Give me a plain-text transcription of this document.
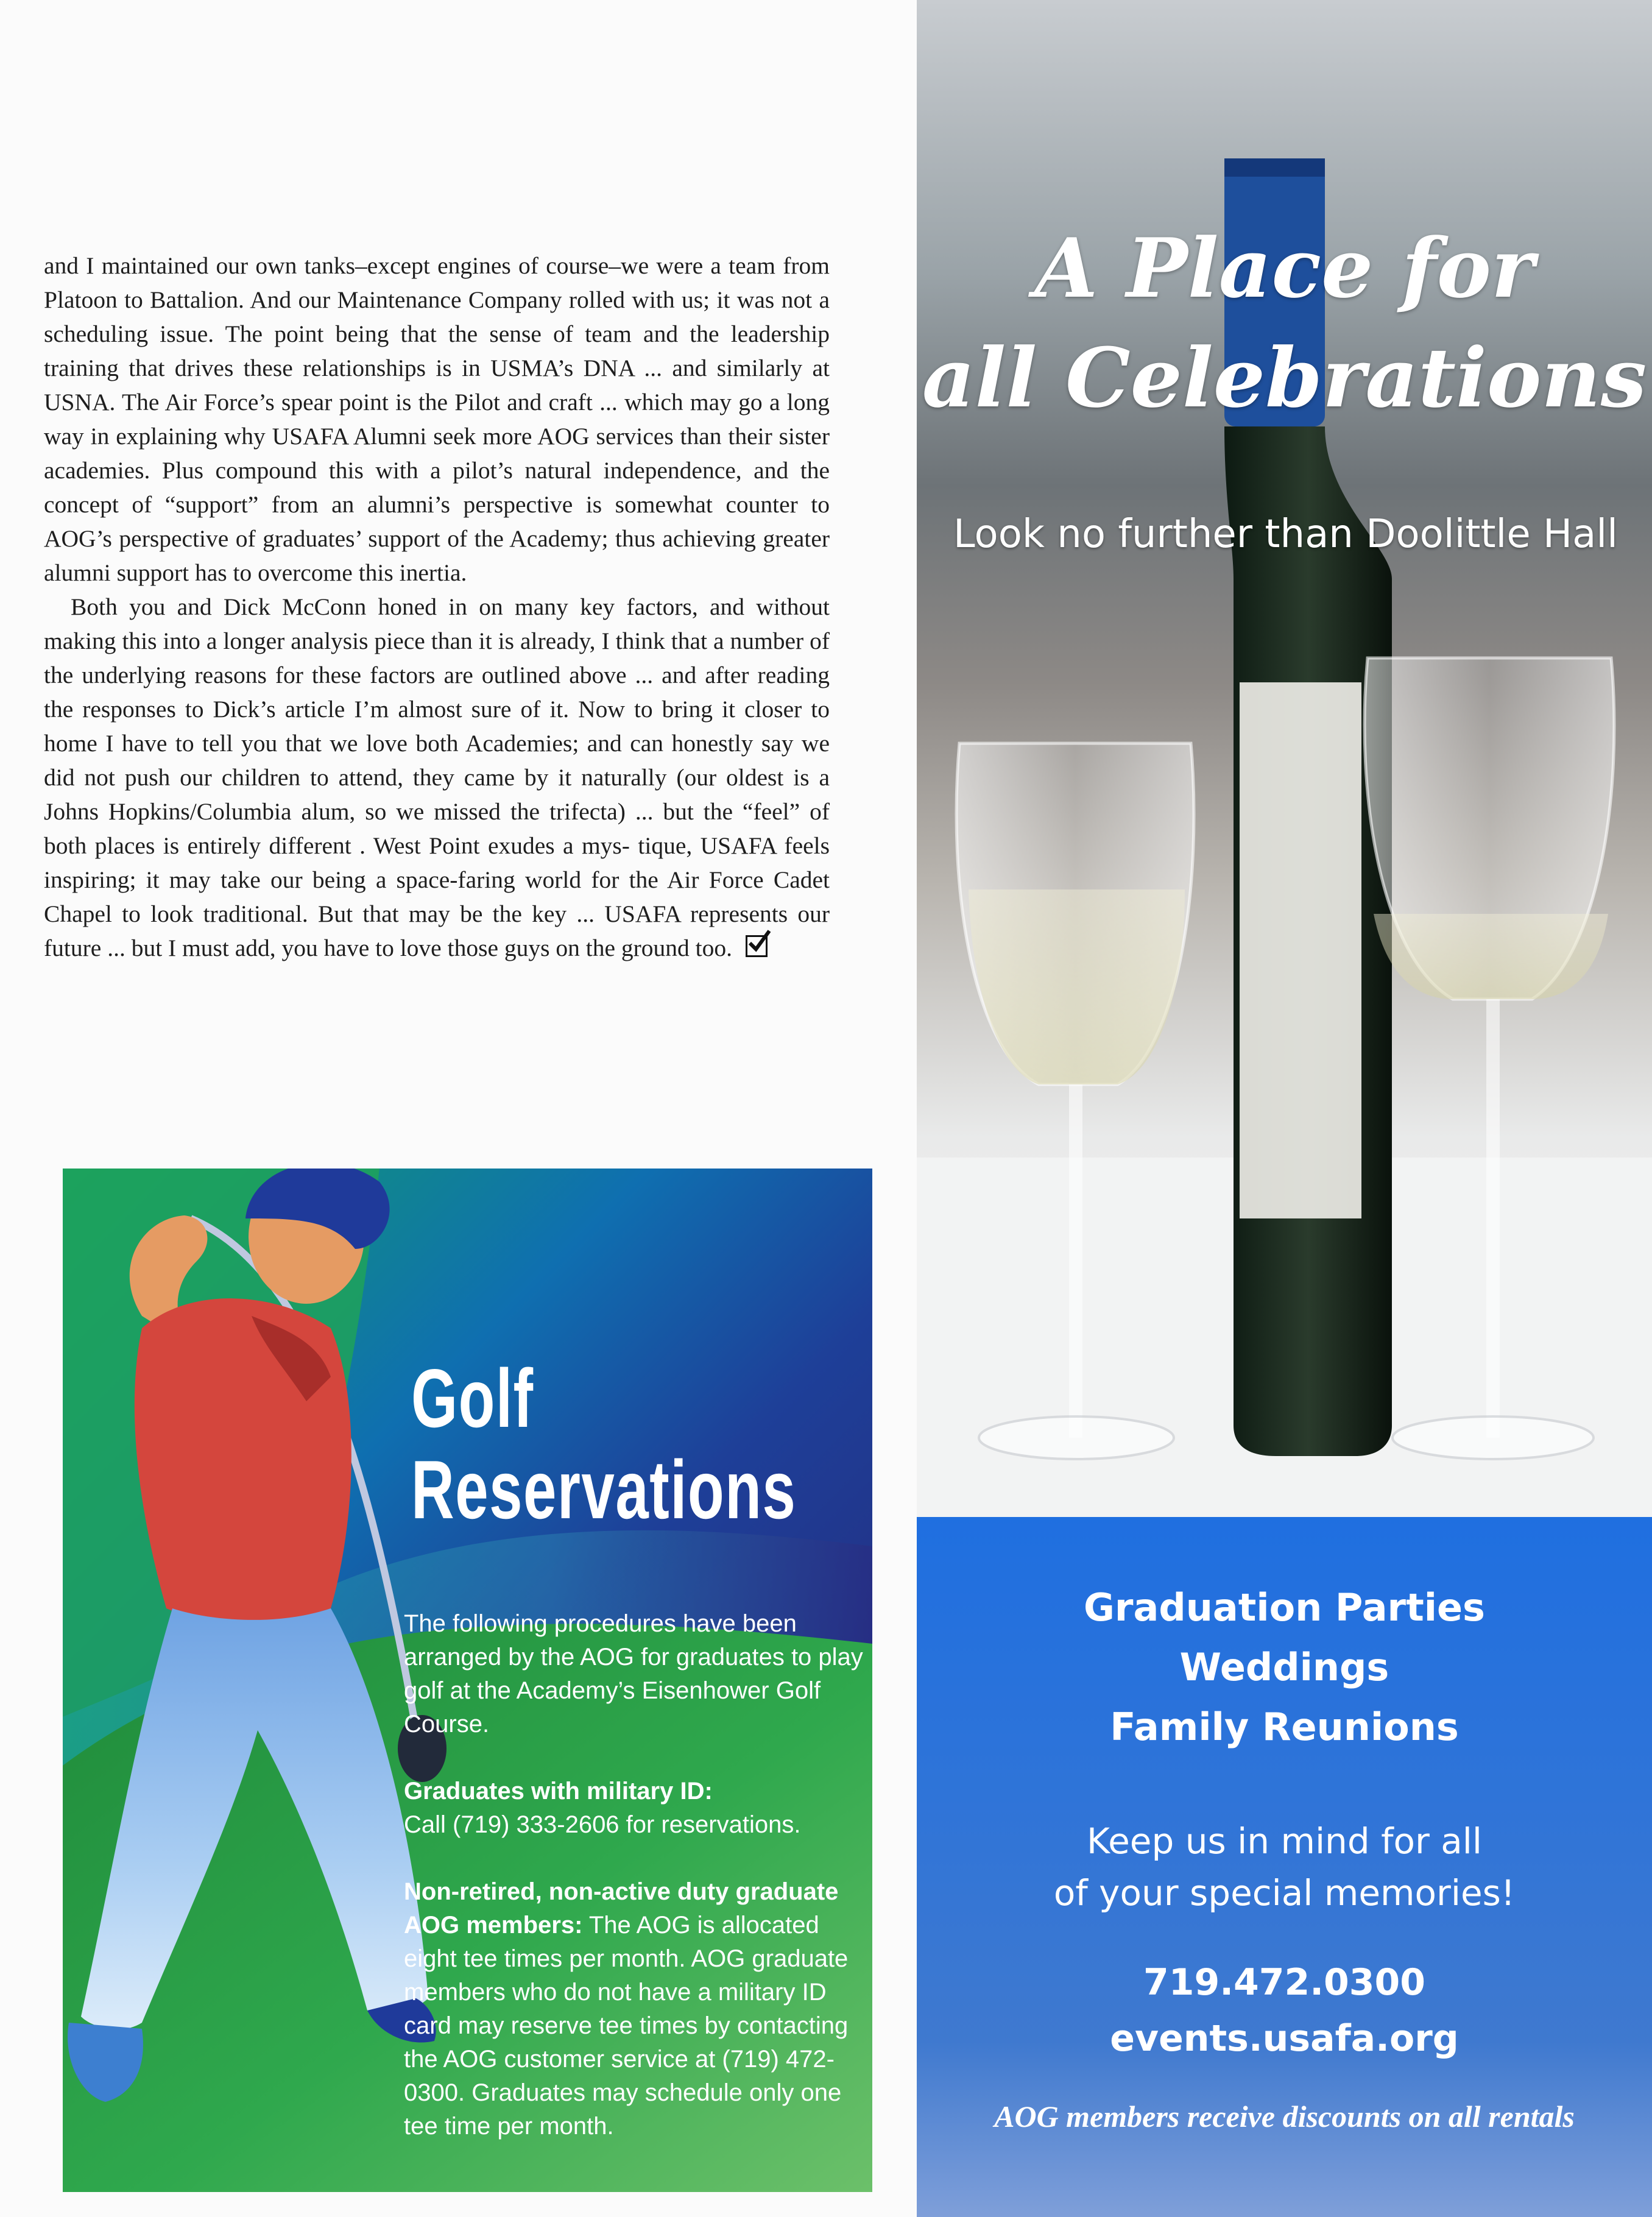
and I maintained our own tanks–except engines of course–we were a team from Platoon to Battalion. And our Maintenance Company rolled with us; it was not a scheduling issue. The point being that the sense of team and the leadership training that drives these relationships is in USMA’s DNA ... and similarly at USNA. The Air Force’s spear point is the Pilot and craft ... which may go a long way in explaining why USAFA Alumni seek more AOG services than their sister academies. Plus compound this with a pilot’s natural independence, and the concept of “support” from an alumni’s perspective is somewhat counter to AOG’s perspective of graduates’ support of the Academy; thus achieving greater alumni support has to overcome this inertia.

Both you and Dick McConn honed in on many key factors, and without making this into a longer analysis piece than it is already, I think that a number of the underlying reasons for these factors are outlined above ... and after reading the responses to Dick’s article I’m almost sure of it. Now to bring it closer to home I have to tell you that we love both Academies; and can honestly say we did not push our children to attend, they came by it naturally (our oldest is a Johns Hopkins/Columbia alum, so we missed the trifecta) ... but the “feel” of both places is entirely different . West Point exudes a mys- tique, USAFA feels inspiring; it may take our being a space-faring world for the Air Force Cadet Chapel to look traditional. But that may be the key ... USAFA represents our future ... but I must add, you have to love those guys on the ground too.

Golf
Reservations

The following procedures have been arranged by the AOG for graduates to play golf at the Academy’s Eisenhower Golf Course.

Graduates with military ID:
Call (719) 333-2606 for reservations.

Non-retired, non-active duty graduate AOG members: The AOG is allocated eight tee times per month. AOG graduate members who do not have a military ID card may reserve tee times by contacting the AOG customer service at (719) 472-0300. Graduates may schedule only one tee time per month.

A Place for
all Celebrations
Look no further than Doolittle Hall
Graduation Parties
Weddings
Family Reunions
Keep us in mind for all
of your special memories!
719.472.0300
events.usafa.org
AOG members receive discounts on all rentals
